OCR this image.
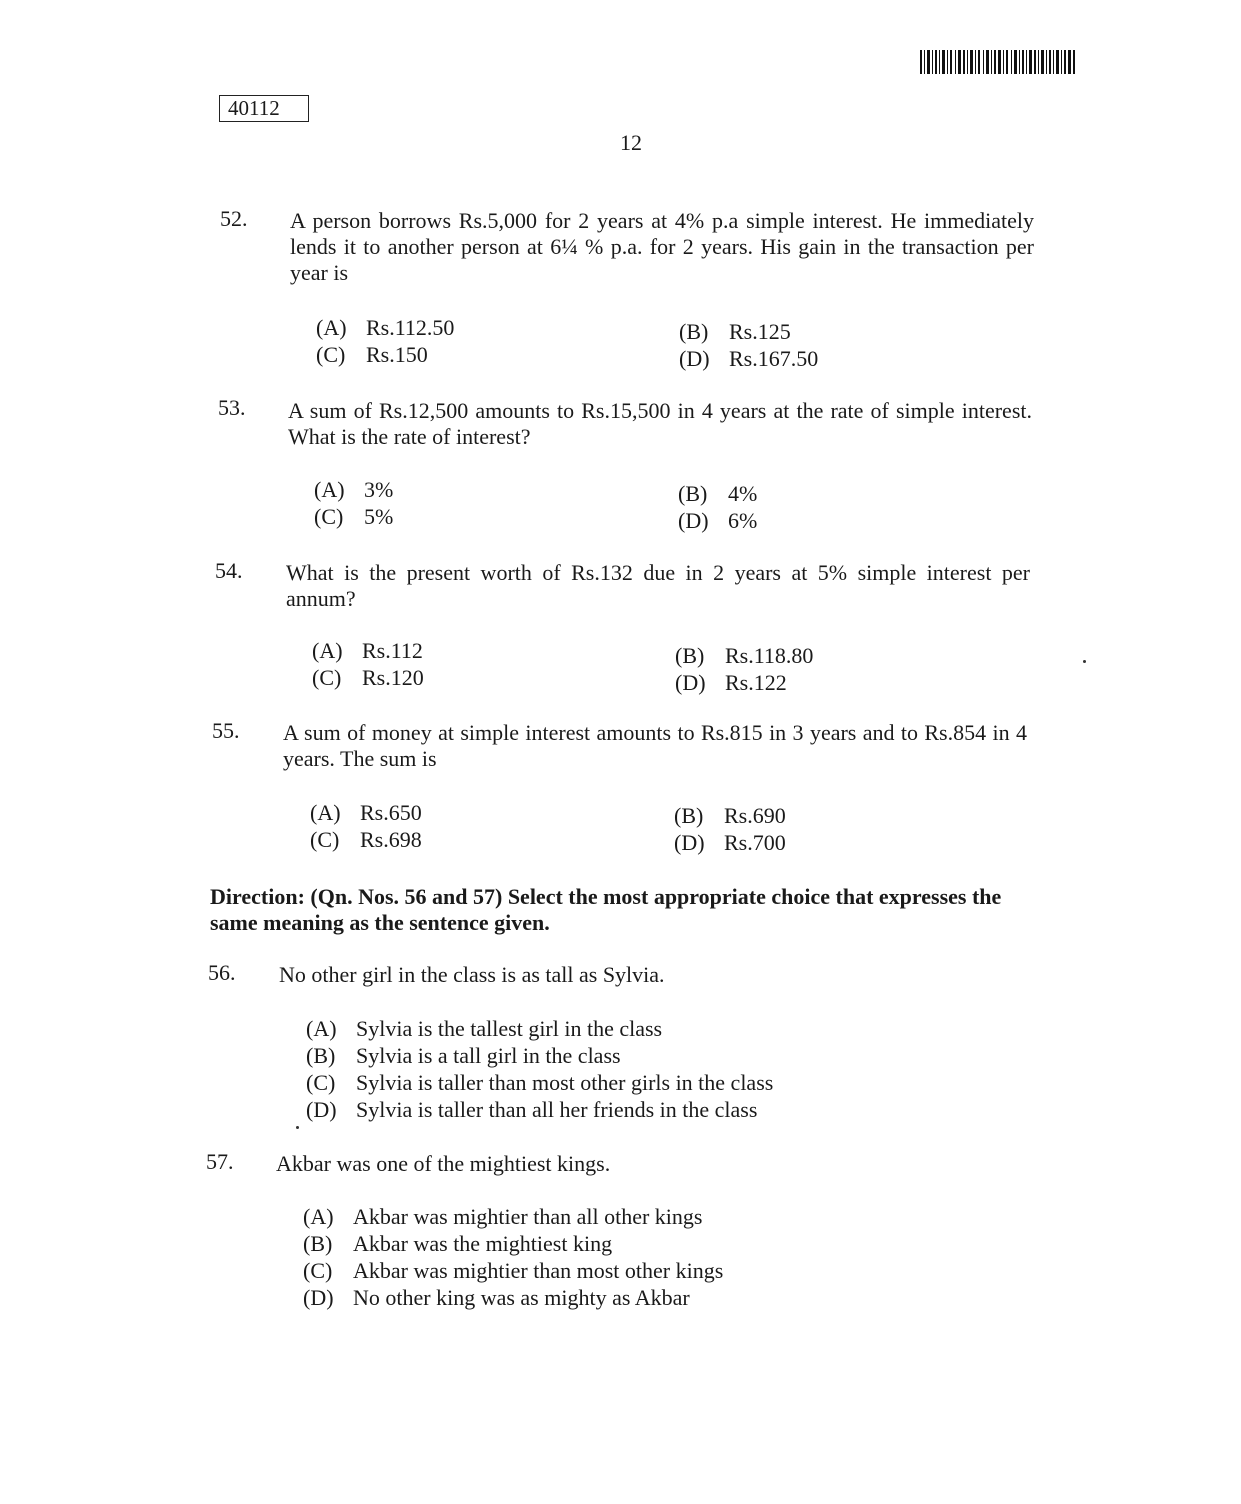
40112
12
52. A person borrows Rs.5,000 for 2 years at 4% p.a simple interest. He immediately lends it to another person at 6¼ % p.a. for 2 years. His gain in the transaction per year is
(A) Rs.112.50	(B) Rs.125
(C) Rs.150	(D) Rs.167.50
53. A sum of Rs.12,500 amounts to Rs.15,500 in 4 years at the rate of simple interest. What is the rate of interest?
(A) 3%	(B) 4%
(C) 5%	(D) 6%
54. What is the present worth of Rs.132 due in 2 years at 5% simple interest per annum?
(A) Rs.112	(B) Rs.118.80
(C) Rs.120	(D) Rs.122
55. A sum of money at simple interest amounts to Rs.815 in 3 years and to Rs.854 in 4 years. The sum is
(A) Rs.650	(B) Rs.690
(C) Rs.698	(D) Rs.700
Direction: (Qn. Nos. 56 and 57) Select the most appropriate choice that expresses the same meaning as the sentence given.
56. No other girl in the class is as tall as Sylvia.
(A) Sylvia is the tallest girl in the class
(B) Sylvia is a tall girl in the class
(C) Sylvia is taller than most other girls in the class
(D) Sylvia is taller than all her friends in the class
57. Akbar was one of the mightiest kings.
(A) Akbar was mightier than all other kings
(B) Akbar was the mightiest king
(C) Akbar was mightier than most other kings
(D) No other king was as mighty as Akbar
